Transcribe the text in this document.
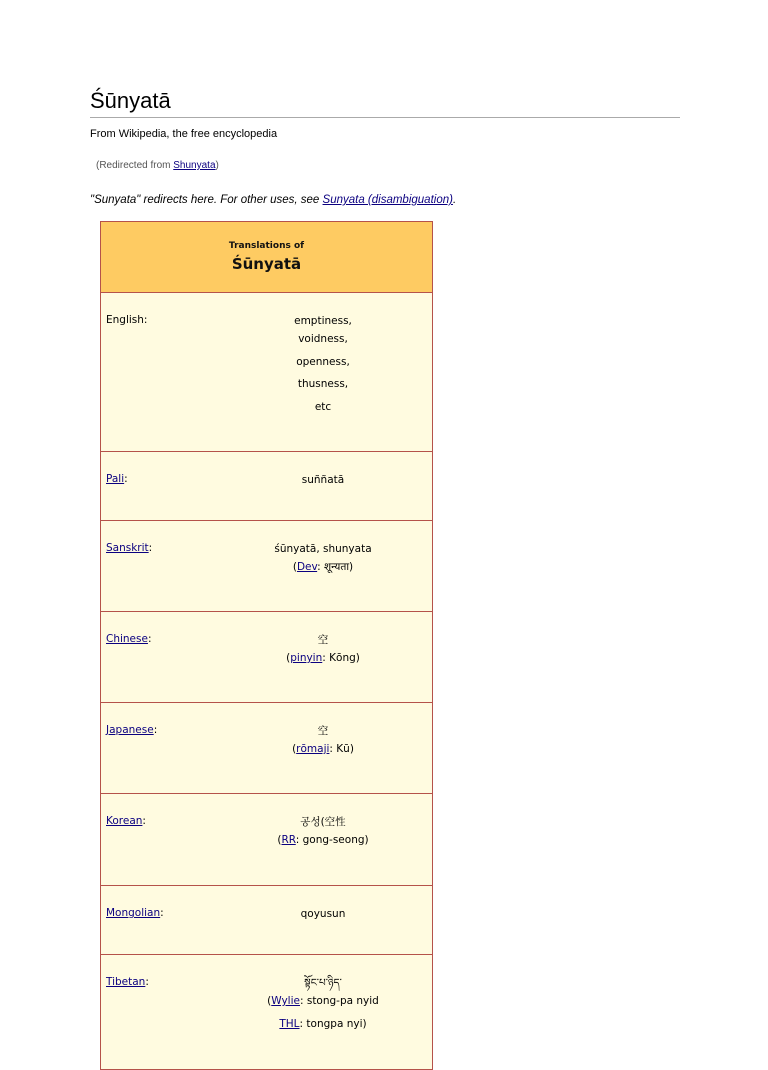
Śūnyatā
From Wikipedia, the free encyclopedia
(Redirected from Shunyata)
"Sunyata" redirects here. For other uses, see Sunyata (disambiguation).
Translations of
Śūnyatā	

English:	emptiness,
voidness,
openness,
thusness,
etc

Pali:	suññatā

Sanskrit:	śūnyatā, shunyata
(Dev: शून्यता)

Chinese:	空
(pinyin: Kōng)

Japanese:	空
(rōmaji: Kū)

Korean:	공성(空性
(RR: gong-seong)

Mongolian:	qoyusun

Tibetan:	སྟོང་པ་ཉིད་
(Wylie: stong-pa nyid
THL: tongpa nyi)
